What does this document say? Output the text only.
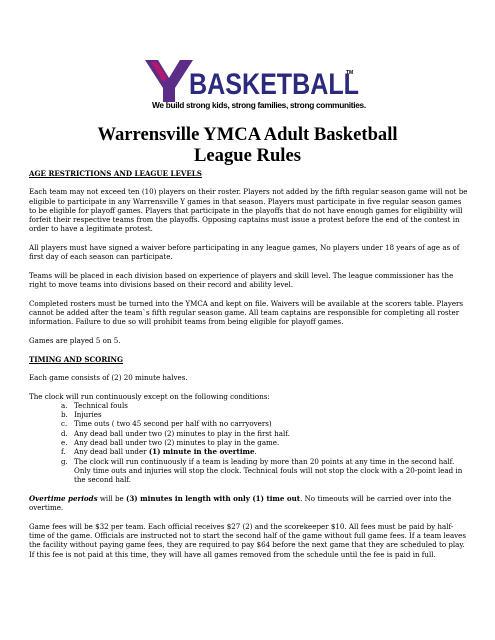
BASKETBALL
TM
We build strong kids, strong families, strong communities.
Warrensville YMCA Adult Basketball
League Rules
AGE RESTRICTIONS AND LEAGUE LEVELS

Each team may not exceed ten (10) players on their roster. Players not added by the fifth regular season game will not be eligible to participate in any Warrensville Y games in that season. Players must participate in five regular season games to be eligible for playoff games. Players that participate in the playoffs that do not have enough games for eligibility will forfeit their respective teams from the playoffs. Opposing captains must issue a protest before the end of the contest in order to have a legitimate protest.

All players must have signed a waiver before participating in any league games, No players under 18 years of age as of first day of each season can participate.

Teams will be placed in each division based on experience of players and skill level. The league commissioner has the right to move teams into divisions based on their record and ability level.

Completed rosters must be turned into the YMCA and kept on file. Waivers will be available at the scorers table. Players cannot be added after the team`s fifth regular season game. All team captains are responsible for completing all roster information. Failure to due so will prohibit teams from being eligible for playoff games.

Games are played 5 on 5.

TIMING AND SCORING

Each game consists of (2) 20 minute halves.

The clock will run continuously except on the following conditions:

a. Technical fouls
b. Injuries
c. Time outs ( two 45 second per half with no carryovers)
d. Any dead ball under two (2) minutes to play in the first half.
e. Any dead ball under two (2) minutes to play in the game.
f. Any dead ball under (1) minute in the overtime.
g. The clock will run continuously if a team is leading by more than 20 points at any time in the second half. Only time outs and injuries will stop the clock. Technical fouls will not stop the clock with a 20-point lead in the second half.

Overtime periods will be (3) minutes in length with only (1) time out. No timeouts will be carried over into the overtime.

Game fees will be $32 per team. Each official receives $27 (2) and the scorekeeper $10. All fees must be paid by half-time of the game. Officials are instructed not to start the second half of the game without full game fees. If a team leaves the facility without paying game fees, they are required to pay $64 before the next game that they are scheduled to play. If this fee is not paid at this time, they will have all games removed from the schedule until the fee is paid in full.
